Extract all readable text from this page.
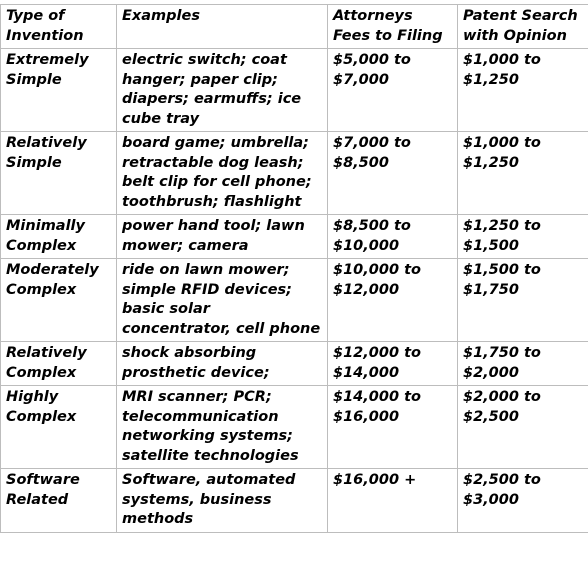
Type of Invention	Examples	Attorneys Fees to Filing	Patent Search with Opinion
Extremely Simple	electric switch; coat hanger; paper clip; diapers; earmuffs; ice cube tray	$5,000 to $7,000	$1,000 to $1,250
Relatively Simple	board game; umbrella; retractable dog leash; belt clip for cell phone; toothbrush; flashlight	$7,000 to $8,500	$1,000 to $1,250
Minimally Complex	power hand tool; lawn mower; camera	$8,500 to $10,000	$1,250 to $1,500
Moderately Complex	ride on lawn mower; simple RFID devices; basic solar concentrator, cell phone	$10,000 to $12,000	$1,500 to $1,750
Relatively Complex	shock absorbing prosthetic device;	$12,000 to $14,000	$1,750 to $2,000
Highly Complex	MRI scanner; PCR; telecommunication networking systems; satellite technologies	$14,000 to $16,000	$2,000 to $2,500
Software Related	Software, automated systems, business methods	$16,000 +	$2,500 to $3,000
